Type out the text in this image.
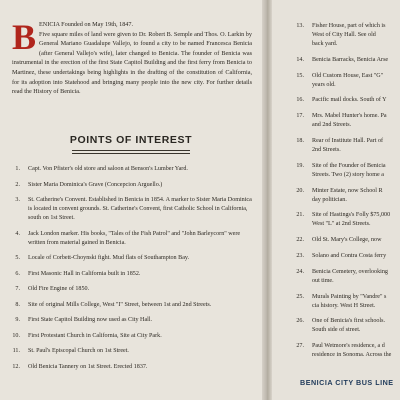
B ENICIA Founded on May 19th, 1847.
Five square miles of land were given to Dr. Robert B. Semple and Thos. O. Larkin by General Mariano Guadalupe Vallejo, to found a city to be named Francesca Benicia (after General Vallejo's wife), later changed to Benicia. The founder of Benicia was instrumental in the erection of the first State Capitol Building and the first ferry from Benicia to Martinez, these undertakings being highlights in the drafting of the constitution of California, for its adoption into Statehood and bringing many people into the new city. For further details read the History of Benicia.
POINTS OF INTEREST
1. Capt. Von Pfister's old store and saloon at Benson's Lumber Yard.
2. Sister Maria Dominica's Grave (Concepcion Arguello.)
3. St. Catherine's Convent. Established in Benicia in 1854. A marker to Sister Maria Dominica is located in convent grounds. St. Catherine's Convent, first Catholic School in California, south on 1st Street.
4. Jack London marker. His books, "Tales of the Fish Patrol" and "John Barleycorn" were written from material gained in Benicia.
5. Locale of Corbett-Choynski fight. Mud flats of Southampton Bay.
6. First Masonic Hall in California built in 1852.
7. Old Fire Engine of 1850.
8. Site of original Mills College, West "I" Street, between 1st and 2nd Streets.
9. First State Capitol Building now used as City Hall.
10. First Protestant Church in California, Site at City Park.
11. St. Paul's Episcopal Church on 1st Street.
12. Old Benicia Tannery on 1st Street. Erected 1837.
13. Fisher House, part of which is
West of City Hall. See old
back yard.
14. Benicia Barracks, Benicia Arse
15. Old Custom House, East "G"
years old.
16. Pacific mail docks. South of Y
17. Mrs. Mabel Hunter's home. Pa
and 2nd Streets.
18. Rear of Institute Hall. Part of
2nd Streets.
19. Site of the Founder of Benicia
Streets. Two (2) story home a
20. Minter Estate, now School R
day politician.
21. Site of Hastings's Folly $75,000
West "L" at 2nd Streets.
22. Old St. Mary's College, now
23. Solano and Contra Costa ferry
24. Benicia Cemetery, overlooking
out time.
25. Murals Painting by "Vandre" s
cia history. West H Street.
26. One of Benicia's first schools.
South side of street.
27. Paul Wetmore's residence, a d
residence in Sonoma. Across the
BENICIA CITY BUS LINE
